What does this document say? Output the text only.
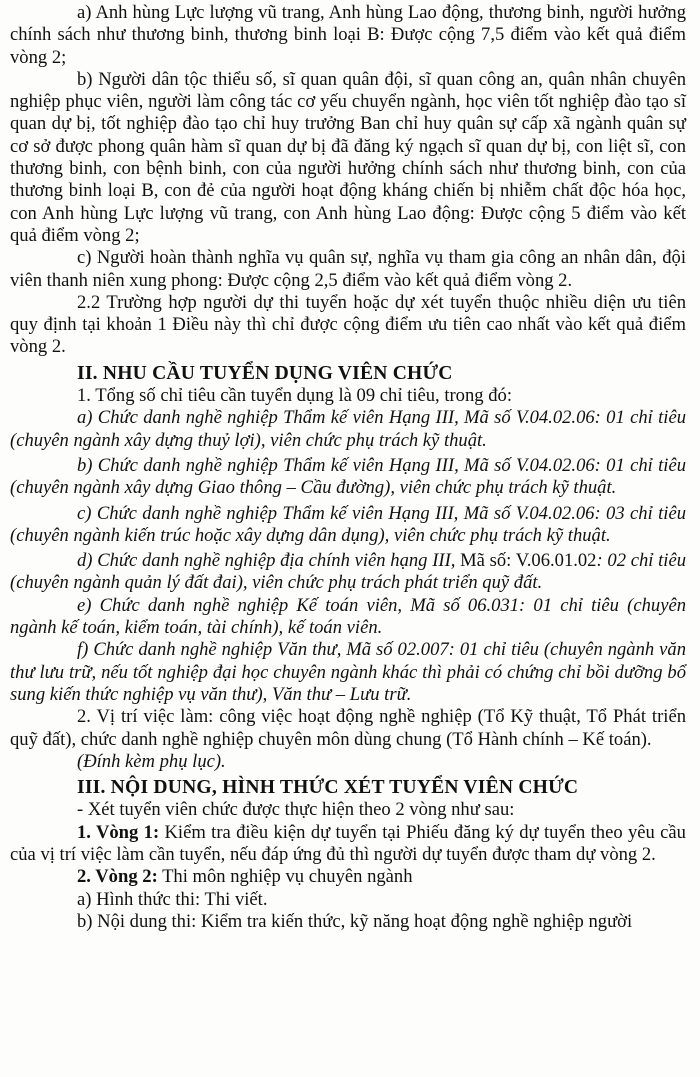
a) Anh hùng Lực lượng vũ trang, Anh hùng Lao động, thương binh, người hưởng chính sách như thương binh, thương binh loại B: Được cộng 7,5 điểm vào kết quả điểm vòng 2;

b) Người dân tộc thiểu số, sĩ quan quân đội, sĩ quan công an, quân nhân chuyên nghiệp phục viên, người làm công tác cơ yếu chuyển ngành, học viên tốt nghiệp đào tạo sĩ quan dự bị, tốt nghiệp đào tạo chỉ huy trưởng Ban chỉ huy quân sự cấp xã ngành quân sự cơ sở được phong quân hàm sĩ quan dự bị đã đăng ký ngạch sĩ quan dự bị, con liệt sĩ, con thương binh, con bệnh binh, con của người hưởng chính sách như thương binh, con của thương binh loại B, con đẻ của người hoạt động kháng chiến bị nhiễm chất độc hóa học, con Anh hùng Lực lượng vũ trang, con Anh hùng Lao động: Được cộng 5 điểm vào kết quả điểm vòng 2;

c) Người hoàn thành nghĩa vụ quân sự, nghĩa vụ tham gia công an nhân dân, đội viên thanh niên xung phong: Được cộng 2,5 điểm vào kết quả điểm vòng 2.

2.2 Trường hợp người dự thi tuyển hoặc dự xét tuyển thuộc nhiều diện ưu tiên quy định tại khoản 1 Điều này thì chỉ được cộng điểm ưu tiên cao nhất vào kết quả điểm vòng 2.

II. NHU CẦU TUYỂN DỤNG VIÊN CHỨC

1. Tổng số chỉ tiêu cần tuyển dụng là 09 chỉ tiêu, trong đó:

a) Chức danh nghề nghiệp Thẩm kế viên Hạng III, Mã số V.04.02.06: 01 chỉ tiêu (chuyên ngành xây dựng thuỷ lợi), viên chức phụ trách kỹ thuật.

b) Chức danh nghề nghiệp Thẩm kế viên Hạng III, Mã số V.04.02.06: 01 chỉ tiêu (chuyên ngành xây dựng Giao thông – Cầu đường), viên chức phụ trách kỹ thuật.

c) Chức danh nghề nghiệp Thẩm kế viên Hạng III, Mã số V.04.02.06: 03 chỉ tiêu (chuyên ngành kiến trúc hoặc xây dựng dân dụng), viên chức phụ trách kỹ thuật.

d) Chức danh nghề nghiệp địa chính viên hạng III, Mã số: V.06.01.02: 02 chỉ tiêu (chuyên ngành quản lý đất đai), viên chức phụ trách phát triển quỹ đất.

e) Chức danh nghề nghiệp Kế toán viên, Mã số 06.031: 01 chỉ tiêu (chuyên ngành kế toán, kiểm toán, tài chính), kế toán viên.

f) Chức danh nghề nghiệp Văn thư, Mã số 02.007: 01 chỉ tiêu (chuyên ngành văn thư lưu trữ, nếu tốt nghiệp đại học chuyên ngành khác thì phải có chứng chỉ bồi dưỡng bổ sung kiến thức nghiệp vụ văn thư), Văn thư – Lưu trữ.

2. Vị trí việc làm: công việc hoạt động nghề nghiệp (Tổ Kỹ thuật, Tổ Phát triển quỹ đất), chức danh nghề nghiệp chuyên môn dùng chung (Tổ Hành chính – Kế toán).

(Đính kèm phụ lục).

III. NỘI DUNG, HÌNH THỨC XÉT TUYỂN VIÊN CHỨC

- Xét tuyển viên chức được thực hiện theo 2 vòng như sau:

1. Vòng 1: Kiểm tra điều kiện dự tuyển tại Phiếu đăng ký dự tuyển theo yêu cầu của vị trí việc làm cần tuyển, nếu đáp ứng đủ thì người dự tuyển được tham dự vòng 2.

2. Vòng 2: Thi môn nghiệp vụ chuyên ngành

a) Hình thức thi: Thi viết.

b) Nội dung thi: Kiểm tra kiến thức, kỹ năng hoạt động nghề nghiệp người
